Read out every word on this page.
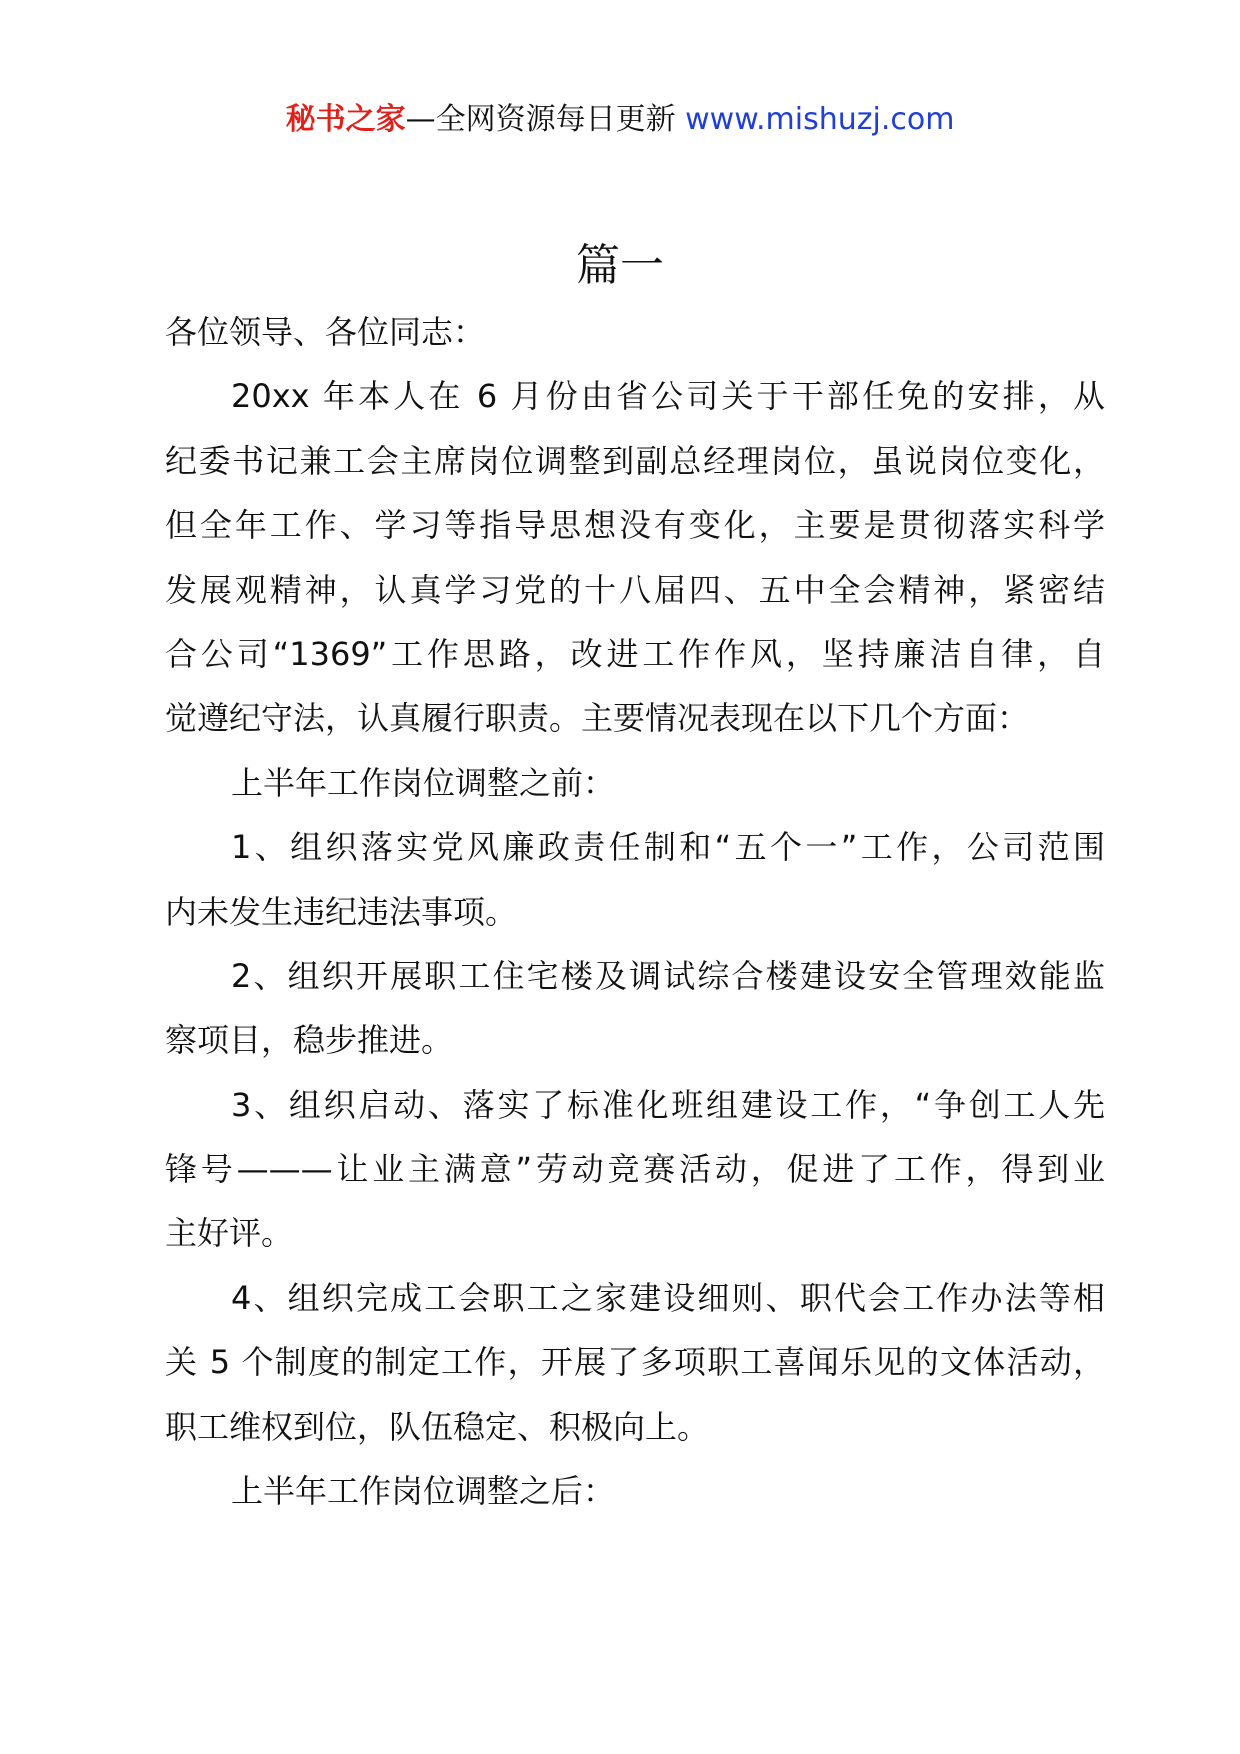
秘书之家—全网资源每日更新 www.mishuzj.com
篇一
各位领导、各位同志：
20xx 年本人在 6 月份由省公司关于干部任免的安排，从
纪委书记兼工会主席岗位调整到副总经理岗位，虽说岗位变化，
但全年工作、学习等指导思想没有变化，主要是贯彻落实科学
发展观精神，认真学习党的十八届四、五中全会精神，紧密结
合公司“1369”工作思路，改进工作作风，坚持廉洁自律，自
觉遵纪守法，认真履行职责。主要情况表现在以下几个方面：
上半年工作岗位调整之前：
1、组织落实党风廉政责任制和“五个一”工作，公司范围
内未发生违纪违法事项。
2、组织开展职工住宅楼及调试综合楼建设安全管理效能监
察项目，稳步推进。
3、组织启动、落实了标准化班组建设工作，“争创工人先
锋号———让业主满意”劳动竞赛活动，促进了工作，得到业
主好评。
4、组织完成工会职工之家建设细则、职代会工作办法等相
关 5 个制度的制定工作，开展了多项职工喜闻乐见的文体活动，
职工维权到位，队伍稳定、积极向上。
上半年工作岗位调整之后：
